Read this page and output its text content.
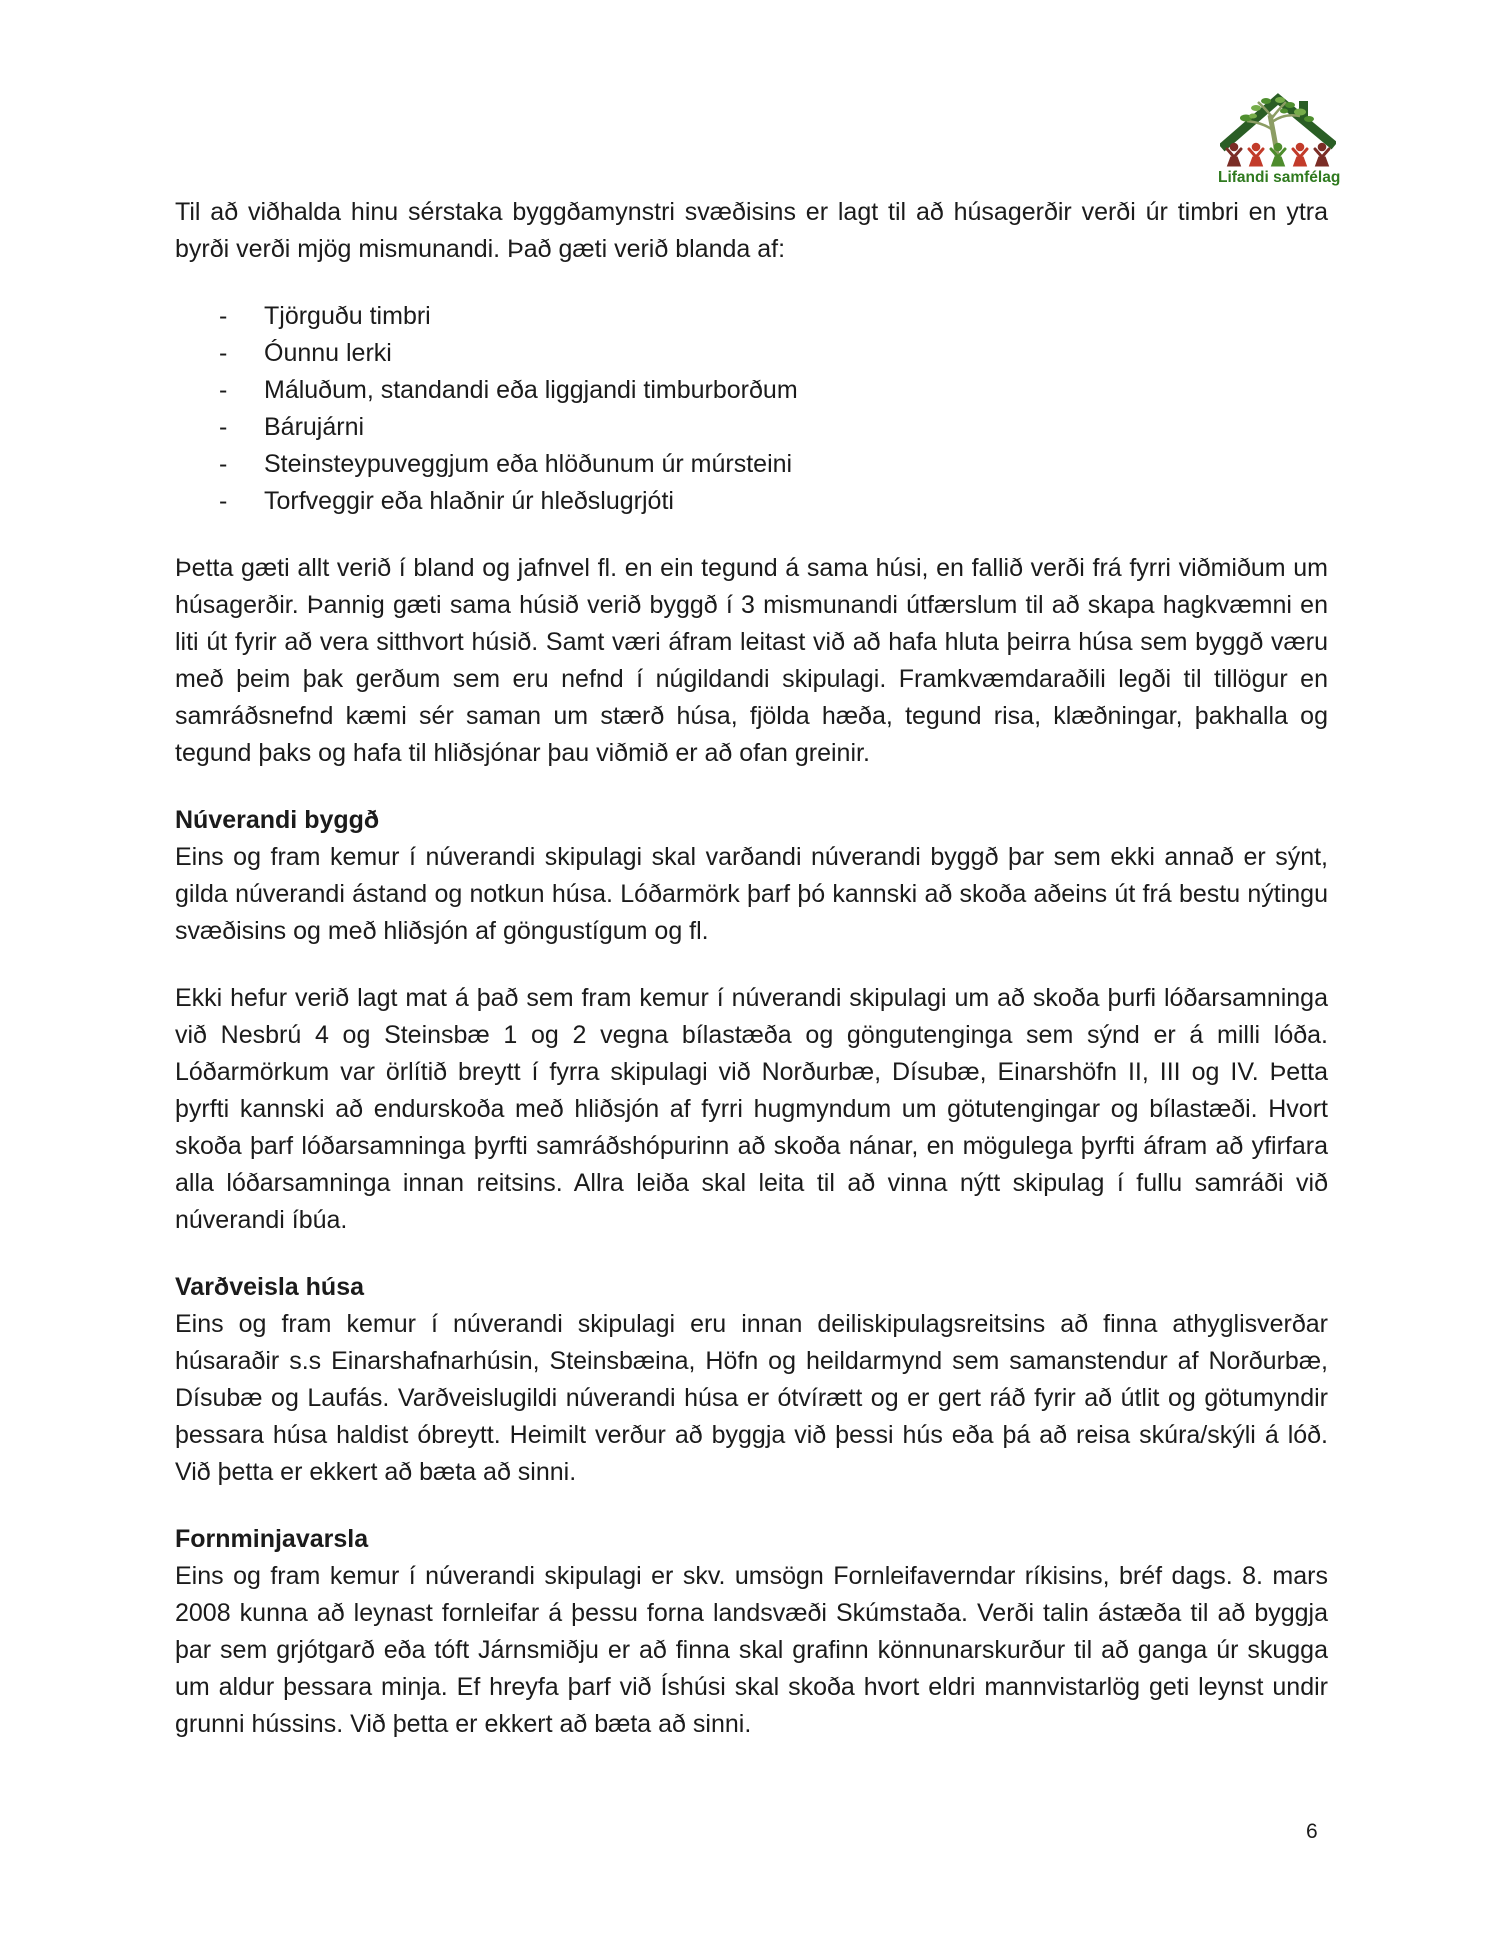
Lifandi samfélag

Til að viðhalda hinu sérstaka byggðamynstri svæðisins er lagt til að húsagerðir verði úr timbri en ytra byrði verði mjög mismunandi. Það gæti verið blanda af:

-	Tjörguðu timbri
-	Óunnu lerki
-	Máluðum, standandi eða liggjandi timburborðum
-	Bárujárni
-	Steinsteypuveggjum eða hlöðunum úr múrsteini
-	Torfveggir eða hlaðnir úr hleðslugrjóti

Þetta gæti allt verið í bland og jafnvel fl. en ein tegund á sama húsi, en fallið verði frá fyrri viðmiðum um húsagerðir. Þannig gæti sama húsið verið byggð í 3 mismunandi útfærslum til að skapa hagkvæmni en liti út fyrir að vera sitthvort húsið. Samt væri áfram leitast við að hafa hluta þeirra húsa sem byggð væru með þeim þak gerðum sem eru nefnd í núgildandi skipulagi. Framkvæmdaraðili legði til tillögur en samráðsnefnd kæmi sér saman um stærð húsa, fjölda hæða, tegund risa, klæðningar, þakhalla og tegund þaks og hafa til hliðsjónar þau viðmið er að ofan greinir.

Núverandi byggð

Eins og fram kemur í núverandi skipulagi skal varðandi núverandi byggð þar sem ekki annað er sýnt, gilda núverandi ástand og notkun húsa. Lóðarmörk þarf þó kannski að skoða aðeins út frá bestu nýtingu svæðisins og með hliðsjón af göngustígum og fl.

Ekki hefur verið lagt mat á það sem fram kemur í núverandi skipulagi um að skoða þurfi lóðarsamninga við Nesbrú 4 og Steinsbæ 1 og 2 vegna bílastæða og göngutenginga sem sýnd er á milli lóða. Lóðarmörkum var örlítið breytt í fyrra skipulagi við Norðurbæ, Dísubæ, Einarshöfn II, III og IV. Þetta þyrfti kannski að endurskoða með hliðsjón af fyrri hugmyndum um götutengingar og bílastæði. Hvort skoða þarf lóðarsamninga þyrfti samráðshópurinn að skoða nánar, en mögulega þyrfti áfram að yfirfara alla lóðarsamninga innan reitsins. Allra leiða skal leita til að vinna nýtt skipulag í fullu samráði við núverandi íbúa.

Varðveisla húsa

Eins og fram kemur í núverandi skipulagi eru innan deiliskipulagsreitsins að finna athyglisverðar húsaraðir s.s Einarshafnarhúsin, Steinsbæina, Höfn og heildarmynd sem samanstendur af Norðurbæ, Dísubæ og Laufás. Varðveislugildi núverandi húsa er ótvírætt og er gert ráð fyrir að útlit og götumyndir þessara húsa haldist óbreytt. Heimilt verður að byggja við þessi hús eða þá að reisa skúra/skýli á lóð. Við þetta er ekkert að bæta að sinni.

Fornminjavarsla

Eins og fram kemur í núverandi skipulagi er skv. umsögn Fornleifaverndar ríkisins, bréf dags. 8. mars 2008 kunna að leynast fornleifar á þessu forna landsvæði Skúmstaða. Verði talin ástæða til að byggja þar sem grjótgarð eða tóft Járnsmiðju er að finna skal grafinn könnunarskurður til að ganga úr skugga um aldur þessara minja. Ef hreyfa þarf við Íshúsi skal skoða hvort eldri mannvistarlög geti leynst undir grunni hússins. Við þetta er ekkert að bæta að sinni.

6
